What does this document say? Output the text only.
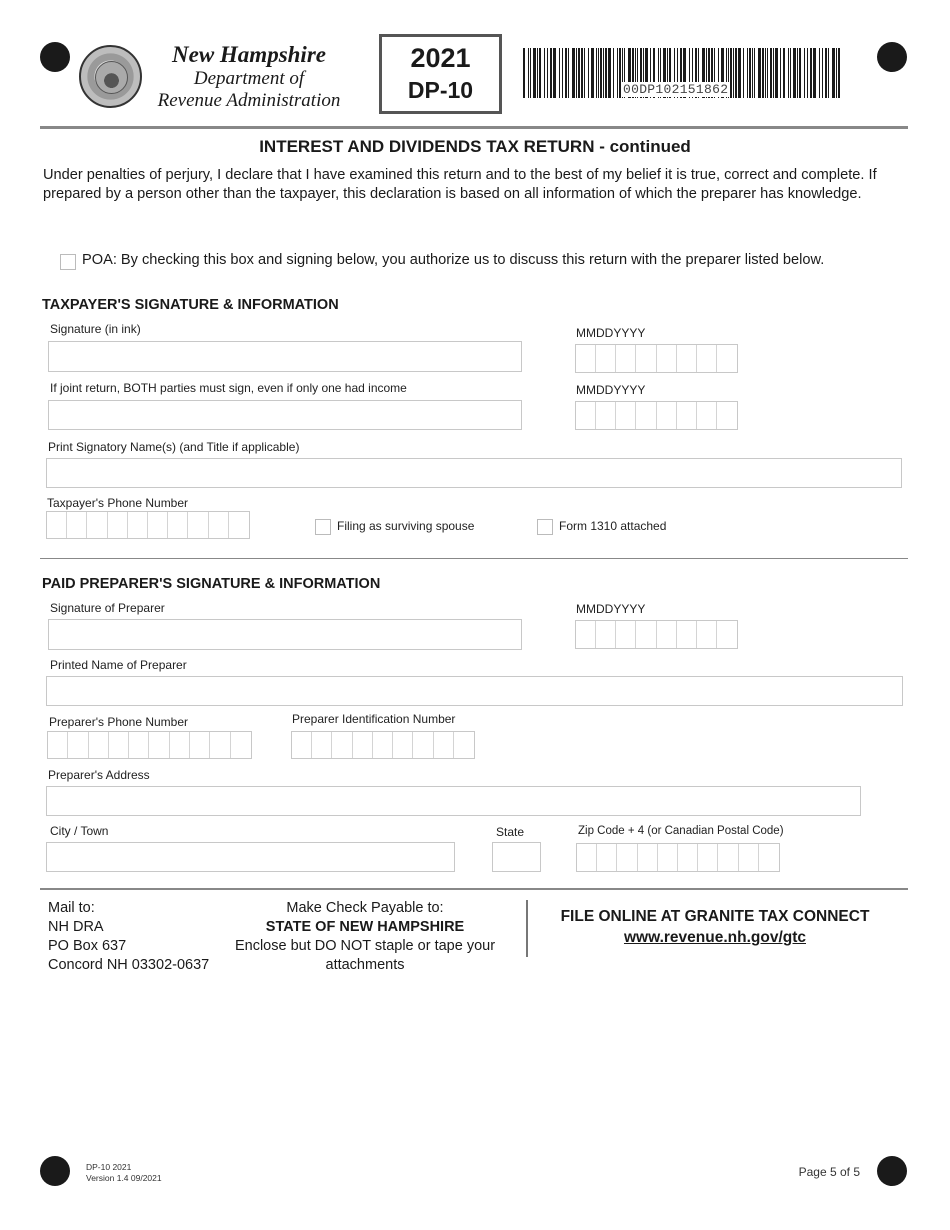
New Hampshire
Department of
Revenue Administration
2021
DP-10	00DP102151862
INTEREST AND DIVIDENDS TAX RETURN - continued
Under penalties of perjury, I declare that I have examined this return and to the best of my belief it is true, correct and complete. If prepared by a person other than the taxpayer, this declaration is based on all information of which the preparer has knowledge.
POA: By checking this box and signing below, you authorize us to discuss this return with the preparer listed below.
TAXPAYER'S SIGNATURE & INFORMATION
Signature (in ink)	MMDDYYYY
If joint return, BOTH parties must sign, even if only one had income	MMDDYYYY
Print Signatory Name(s) (and Title if applicable)
Taxpayer's Phone Number
Filing as surviving spouse	Form 1310 attached
PAID PREPARER'S SIGNATURE & INFORMATION
Signature of Preparer	MMDDYYYY
Printed Name of Preparer
Preparer's Phone Number	Preparer Identification Number
Preparer's Address
City / Town	State	Zip Code + 4 (or Canadian Postal Code)
Mail to:
NH DRA
PO Box 637
Concord NH 03302-0637
Make Check Payable to:
STATE OF NEW HAMPSHIRE
Enclose but DO NOT staple or tape your attachments
FILE ONLINE AT GRANITE TAX CONNECT
www.revenue.nh.gov/gtc
DP-10 2021
Version 1.4 09/2021	Page 5 of 5
